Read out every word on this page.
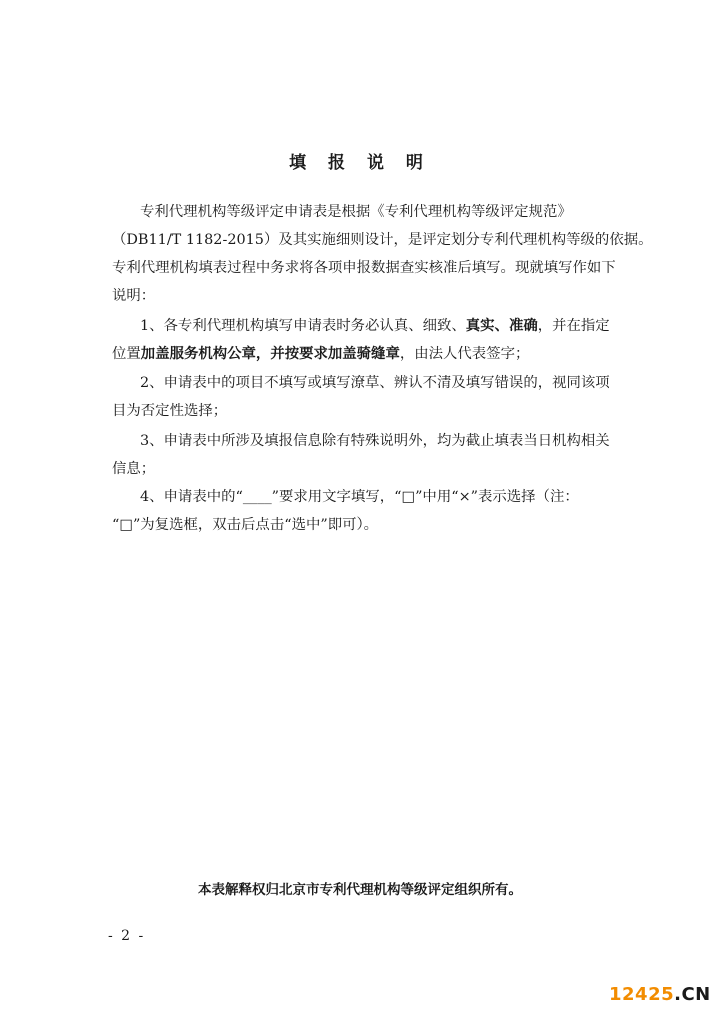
填 报 说 明
专利代理机构等级评定申请表是根据《专利代理机构等级评定规范》
（DB11/T 1182-2015）及其实施细则设计，是评定划分专利代理机构等级的依据。
专利代理机构填表过程中务求将各项申报数据查实核准后填写。现就填写作如下
说明：
1、各专利代理机构填写申请表时务必认真、细致、真实、准确，并在指定
位置加盖服务机构公章，并按要求加盖骑缝章，由法人代表签字；
2、申请表中的项目不填写或填写潦草、辨认不清及填写错误的，视同该项
目为否定性选择；
3、申请表中所涉及填报信息除有特殊说明外，均为截止填表当日机构相关
信息；
4、申请表中的“____”要求用文字填写，“□”中用“×”表示选择（注：
“□”为复选框，双击后点击“选中”即可）。
本表解释权归北京市专利代理机构等级评定组织所有。
- 2 -
12425.CN
